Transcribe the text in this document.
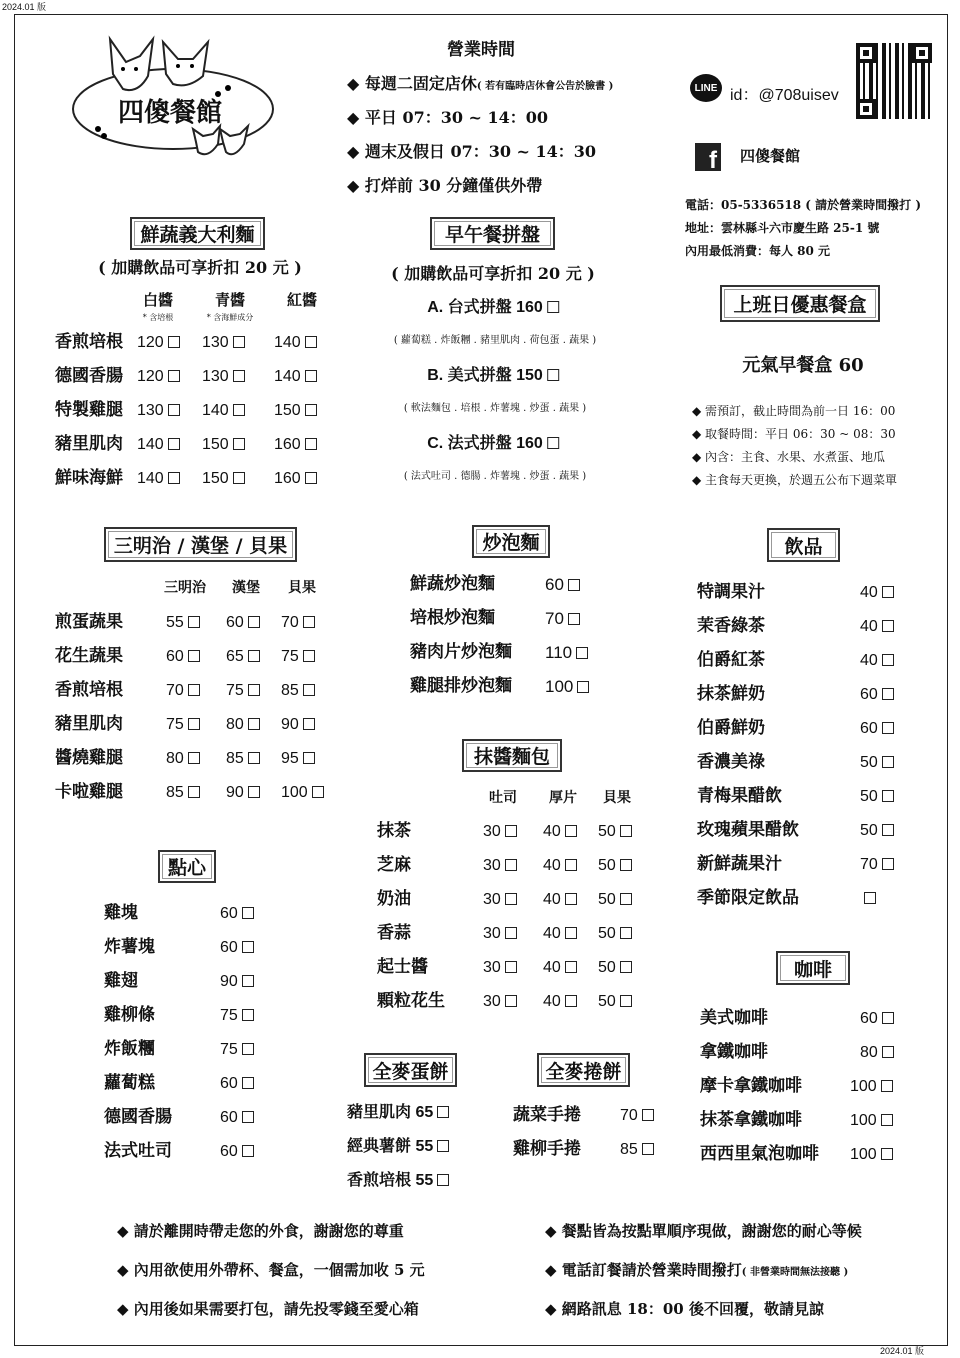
2024.01 版
2024.01 版
四傻餐館
營業時間
◆ 每週二固定店休( 若有臨時店休會公告於臉書 )
◆ 平日 07：30 ~ 14：00
◆ 週末及假日 07：30 ~ 14：30
◆ 打烊前 30 分鐘僅供外帶
LINE id：@708uisev
f 四傻餐館
電話：05-5336518 ( 請於營業時間撥打 )
地址：雲林縣斗六市慶生路 25-1 號
內用最低消費：每人 80 元
鮮蔬義大利麵
( 加購飲品可享折扣 20 元 )
白醬
* 含培根
青醬
* 含海鮮成分
紅醬
香煎培根 120	130	140
德國香腸 120	130	140
特製雞腿 130	140	150
豬里肌肉 140	150	160
鮮味海鮮 140	150	160
早午餐拼盤
( 加購飲品可享折扣 20 元 )
A. 台式拼盤 160
( 蘿蔔糕 . 炸飯糰 . 豬里肌肉 . 荷包蛋 . 蔬果 )
B. 美式拼盤 150
( 軟法麵包 . 培根 . 炸薯塊 . 炒蛋 . 蔬果 )
C. 法式拼盤 160
( 法式吐司 . 德腸 . 炸薯塊 . 炒蛋 . 蔬果 )
上班日優惠餐盒
元氣早餐盒 60
◆ 需預訂，截止時間為前一日 16：00
◆ 取餐時間：平日 06：30 ~ 08：30
◆ 內含：主食、水果、水煮蛋、地瓜
◆ 主食每天更換，於週五公布下週菜單
三明治 / 漢堡 / 貝果
三明治 漢堡 貝果
煎蛋蔬果	55	60	70
花生蔬果	60	65	75
香煎培根	70	75	85
豬里肌肉	75	80	90
醬燒雞腿	80	85	95
卡啦雞腿	85	90	100
炒泡麵
鮮蔬炒泡麵	60
培根炒泡麵	70
豬肉片炒泡麵 110
雞腿排炒泡麵 100
飲品
特調果汁	40
茉香綠茶	40
伯爵紅茶	40
抹茶鮮奶	60
伯爵鮮奶	60
香濃美祿	50
青梅果醋飲	50
玫瑰蘋果醋飲	50
新鮮蔬果汁	70
季節限定飲品
抹醬麵包
吐司 厚片 貝果
抹茶	30	40	50
芝麻	30	40	50
奶油	30	40	50
香蒜	30	40	50
起士醬	30	40	50
顆粒花生 30	40	50
點心
雞塊	60
炸薯塊	60
雞翅	90
雞柳條	75
炸飯糰	75
蘿蔔糕	60
德國香腸	60
法式吐司	60
咖啡
美式咖啡	60
拿鐵咖啡	80
摩卡拿鐵咖啡	100
抹茶拿鐵咖啡	100
西西里氣泡咖啡 100
全麥蛋餅
豬里肌肉 65
經典薯餅 55
香煎培根 55
全麥捲餅
蔬菜手捲 70
雞柳手捲 85
◆ 請於離開時帶走您的外食，謝謝您的尊重
◆ 內用欲使用外帶杯、餐盒，一個需加收 5 元
◆ 內用後如果需要打包，請先投零錢至愛心箱
◆ 餐點皆為按點單順序現做，謝謝您的耐心等候
◆ 電話訂餐請於營業時間撥打( 非營業時間無法接聽 )
◆ 網路訊息 18：00 後不回覆，敬請見諒
